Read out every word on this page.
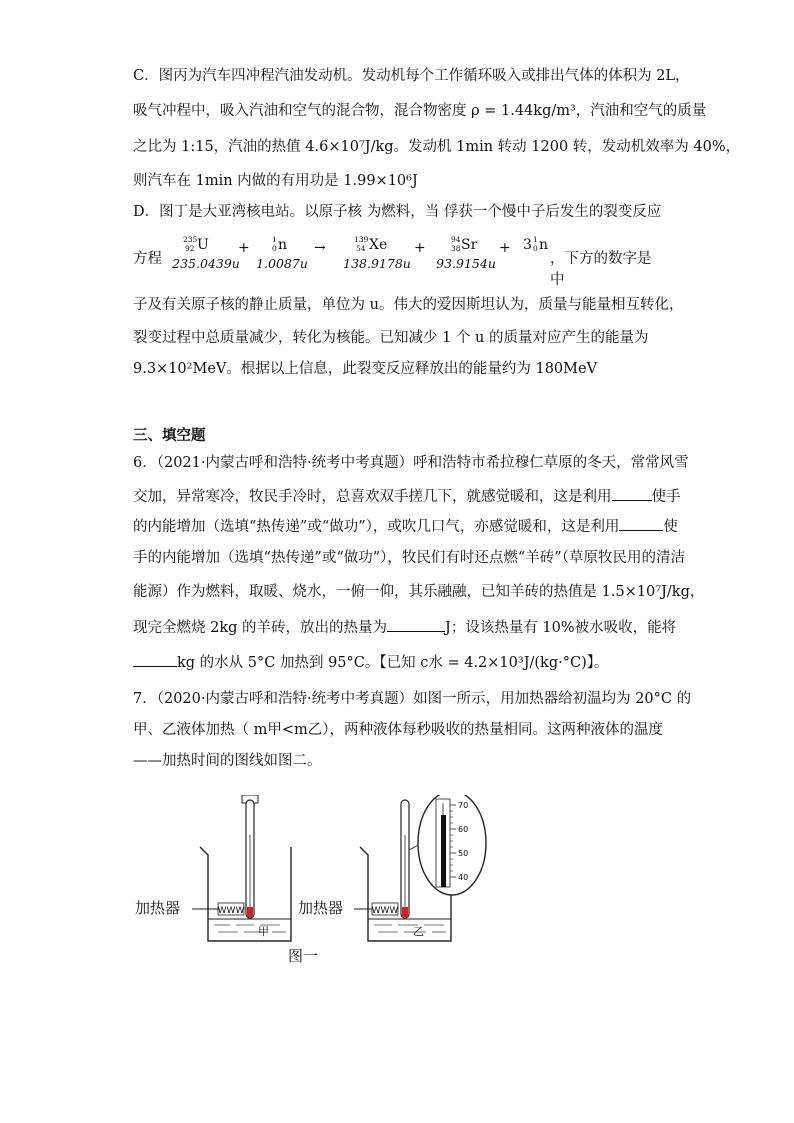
C．图丙为汽车四冲程汽油发动机。发动机每个工作循环吸入或排出气体的体积为 2L，
吸气冲程中，吸入汽油和空气的混合物，混合物密度 ρ = 1.44kg/m³，汽油和空气的质量
之比为 1:15，汽油的热值 4.6×10⁷J/kg。发动机 1min 转动 1200 转，发动机效率为 40%，
则汽车在 1min 内做的有用功是 1.99×10⁶J
D．图丁是大亚湾核电站。以原子核 为燃料，当 俘获一个慢中子后发生的裂变反应
方程
235
92 U
235.0439u
+
1
0 n
1.0087u
→
139
54 Xe
138.9178u
+
94
38 Sr
93.9154u
+ 3 1
0 n
，下方的数字是中
子及有关原子核的静止质量，单位为 u。伟大的爱因斯坦认为，质量与能量相互转化，
裂变过程中总质量减少，转化为核能。已知减少 1 个 u 的质量对应产生的能量为
9.3×10²MeV。根据以上信息，此裂变反应释放出的能量约为 180MeV
三、填空题
6．（2021·内蒙古呼和浩特·统考中考真题）呼和浩特市希拉穆仁草原的冬天，常常风雪
交加，异常寒冷，牧民手冷时，总喜欢双手搓几下，就感觉暖和，这是利用	使手
的内能增加（选填“热传递”或“做功”），或吹几口气，亦感觉暖和，这是利用	使
手的内能增加（选填“热传递”或“做功”），牧民们有时还点燃“羊砖”（草原牧民用的清洁
能源）作为燃料，取暖、烧水，一俯一仰，其乐融融，已知羊砖的热值是 1.5×10⁷J/kg，
现完全燃烧 2kg 的羊砖，放出的热量为	J；设该热量有 10%被水吸收，能将
kg 的水从 5°C 加热到 95°C。【已知 c水 = 4.2×10³J/(kg·°C)】。
7．（2020·内蒙古呼和浩特·统考中考真题）如图一所示，用加热器给初温均为 20°C 的
甲、乙液体加热（ m甲<m乙），两种液体每秒吸收的热量相同。这两种液体的温度
——加热时间的图线如图二。
WWW
加热器
甲
WWW
加热器
乙
70
60
50
40
图一
